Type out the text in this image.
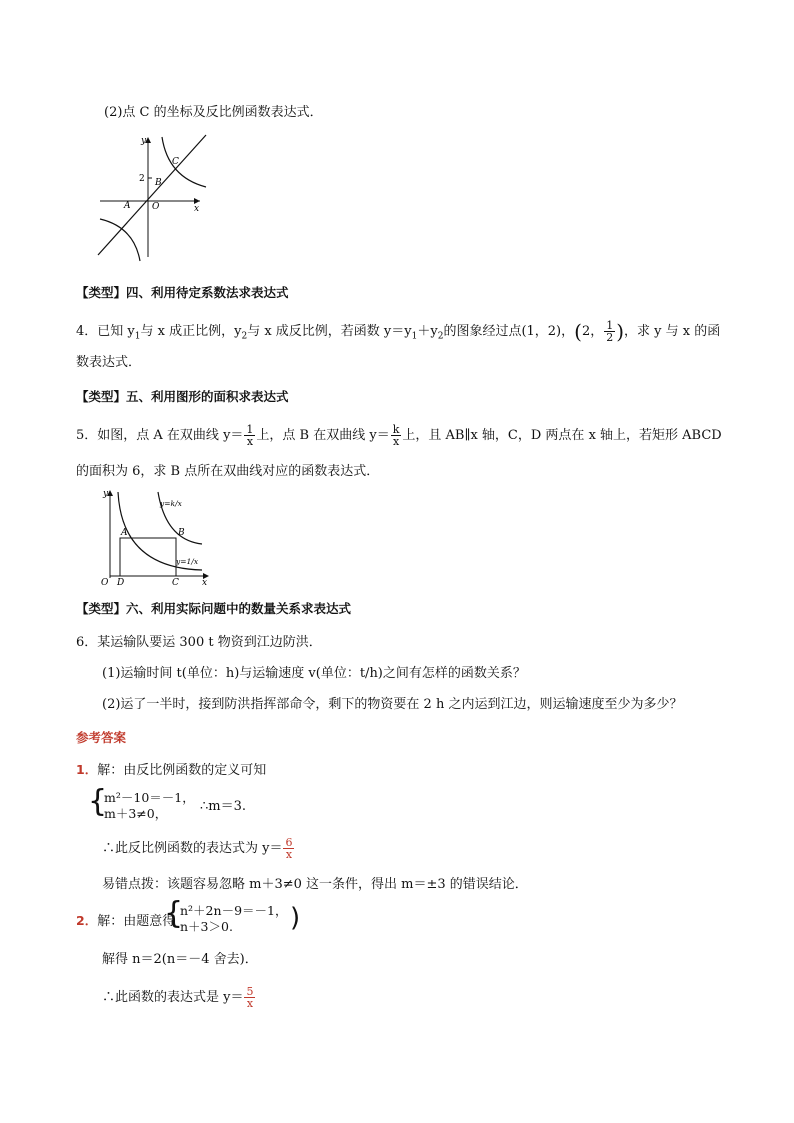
(2)点 C 的坐标及反比例函数表达式．
y
x
2
A
B
C
O
【类型】四、利用待定系数法求表达式
4．已知 $y_1$与 x 成正比例，$y_2$与 x 成反比例，若函数 $y=y_1+y_2$的图象经过点(1，2)，(2， $\frac{1}{2}$ )，求 y 与 x 的函
数表达式．
【类型】五、利用图形的面积求表达式
5．如图，点 A 在双曲线 $y= \frac{1}{x}$ 上，点 B 在双曲线 $y= \frac{k}{x}$ 上，且 AB∥x 轴，C，D 两点在 x 轴上，若矩形 ABCD
的面积为 6，求 B 点所在双曲线对应的函数表达式．
y
x
A	B
C
D
O
y=k/x
y=1/x
【类型】六、利用实际问题中的数量关系求表达式
6．某运输队要运 300 t 物资到江边防洪．
(1)运输时间 t(单位：h)与运输速度 v(单位：t/h)之间有怎样的函数关系？
(2)运了一半时，接到防洪指挥部命令，剩下的物资要在 2 h 之内运到江边，则运输速度至少为多少？
参考答案
1．解：由反比例函数的定义可知
{
m²－10＝－1，
m＋3≠0，	∴m＝3.
∴此反比例函数的表达式为 $y= \frac{6}{x}$
易错点拨：该题容易忽略 m＋3≠0 这一条件，得出 m＝±3 的错误结论．
2．解：由题意得
{
n²＋2n－9＝－1，
n＋3＞0. )
解得 n＝2(n＝－4 舍去)．
∴此函数的表达式是 $y= \frac{5}{x}$
